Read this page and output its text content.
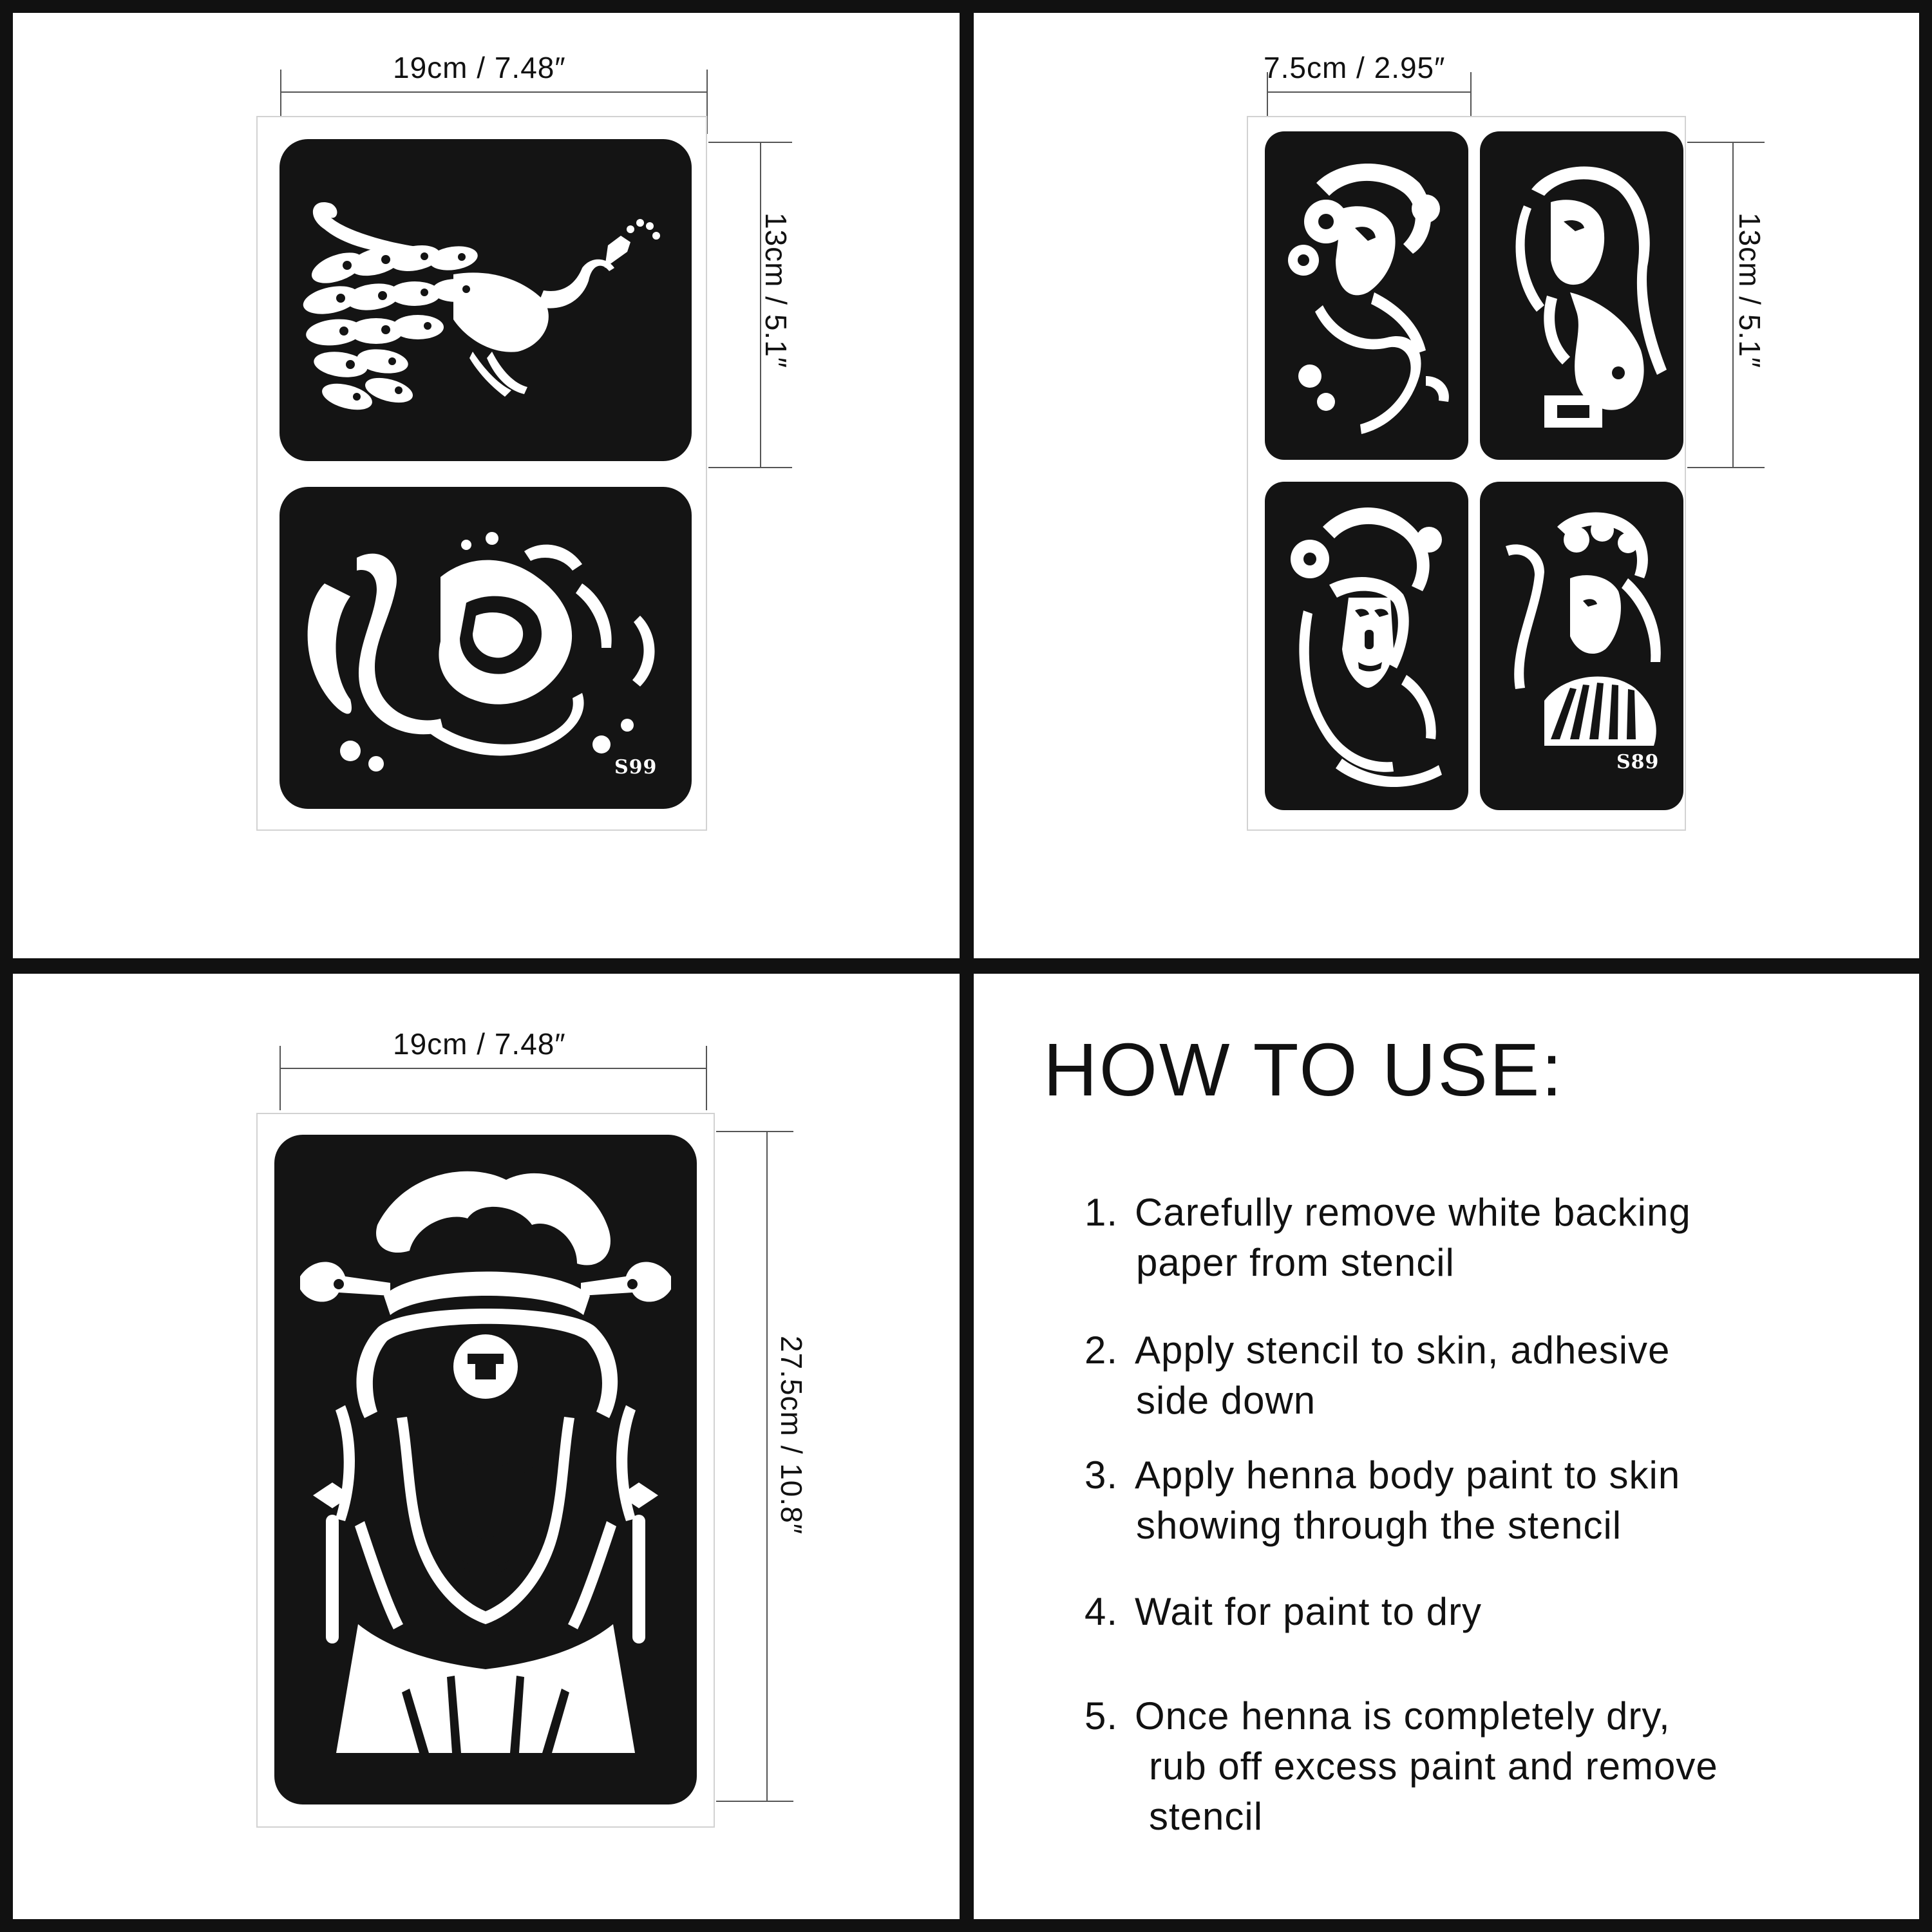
19cm / 7.48″
S99
13cm / 5.1″
7.5cm / 2.95″
S89
13cm / 5.1″
19cm / 7.48″
27.5cm / 10.8″
HOW TO USE:
1. Carefully remove white backing
paper from stencil
2. Apply stencil to skin, adhesive
side down
3. Apply henna body paint to skin
showing through the stencil
4. Wait for paint to dry
5. Once henna is completely dry,
rub off excess paint and remove
stencil
